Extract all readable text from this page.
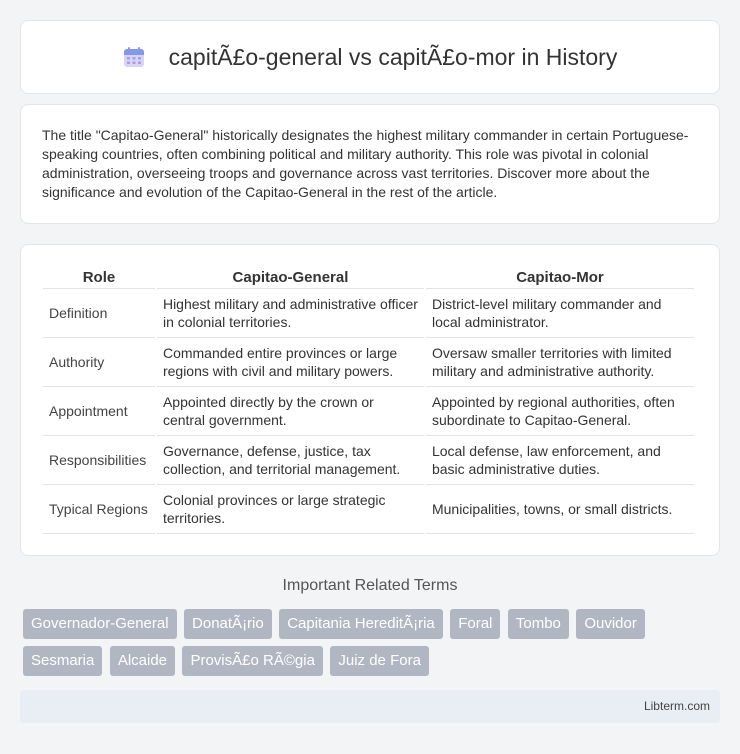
capitÃ£o-general vs capitÃ£o-mor in History

The title "Capitao-General" historically designates the highest military commander in certain Portuguese-speaking countries, often combining political and military authority. This role was pivotal in colonial administration, overseeing troops and governance across vast territories. Discover more about the significance and evolution of the Capitao-General in the rest of the article.

Role	Capitao-General	Capitao-Mor
Definition	Highest military and administrative officer in colonial territories.	District-level military commander and local administrator.
Authority	Commanded entire provinces or large regions with civil and military powers.	Oversaw smaller territories with limited military and administrative authority.
Appointment	Appointed directly by the crown or central government.	Appointed by regional authorities, often subordinate to Capitao-General.
Responsibilities	Governance, defense, justice, tax collection, and territorial management.	Local defense, law enforcement, and basic administrative duties.
Typical Regions	Colonial provinces or large strategic territories.	Municipalities, towns, or small districts.
Important Related Terms
Governador-General DonatÃ¡rio Capitania HereditÃ¡ria Foral Tombo Ouvidor Sesmaria Alcaide ProvisÃ£o RÃ©gia Juiz de Fora
Libterm.com
